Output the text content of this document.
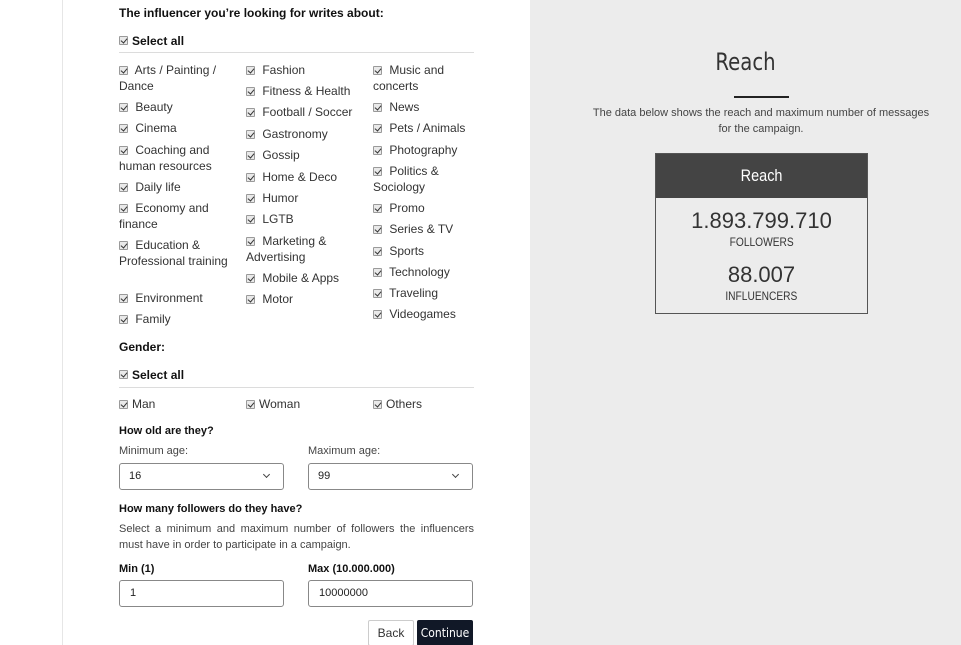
The influencer you’re looking for writes about:
Select all
Arts / Painting / Dance
Beauty
Cinema
Coaching and human resources
Daily life
Economy and finance
Education & Professional training
Environment
Family
Fashion
Fitness & Health
Football / Soccer
Gastronomy
Gossip
Home & Deco
Humor
LGTB
Marketing & Advertising
Mobile & Apps
Motor
Music and concerts
News
Pets / Animals
Photography
Politics & Sociology
Promo
Series & TV
Sports
Technology
Traveling
Videogames
Gender:
Select all
Man	Woman	Others
How old are they?
Minimum age:	Maximum age:
16	99
How many followers do they have?
Select a minimum and maximum number of followers the influencers must have in order to participate in a campaign.
Min (1)	Max (10.000.000)
1	10000000
Back	Continue
Reach
The data below shows the reach and maximum number of messages for the campaign.
Reach
1.893.799.710
FOLLOWERS
88.007
INFLUENCERS
